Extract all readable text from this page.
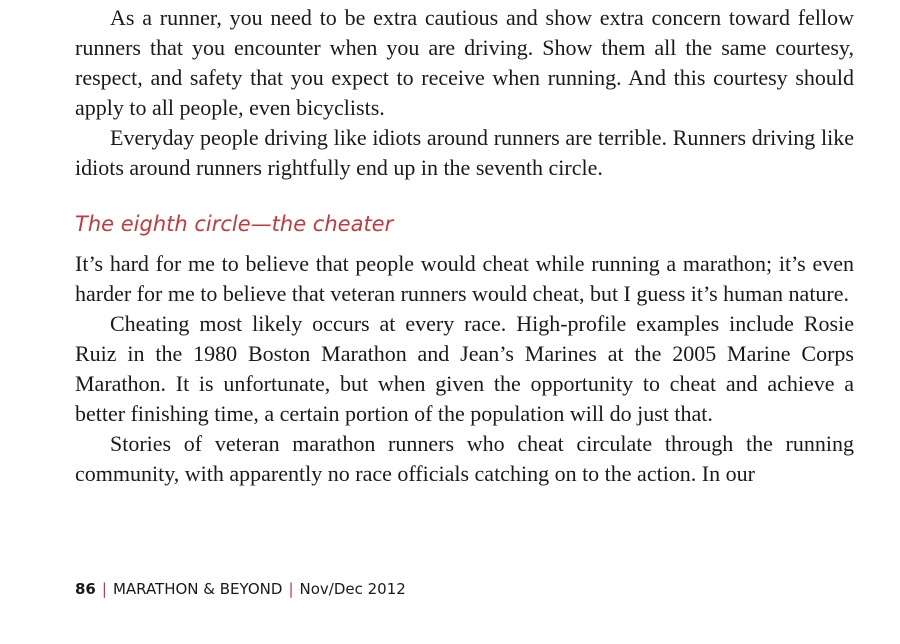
As a runner, you need to be extra cautious and show extra concern toward fellow runners that you encounter when you are driving. Show them all the same courtesy, respect, and safety that you expect to receive when running. And this courtesy should apply to all people, even bicyclists.

Everyday people driving like idiots around runners are terrible. Runners driving like idiots around runners rightfully end up in the seventh circle.

The eighth circle—the cheater

It’s hard for me to believe that people would cheat while running a marathon; it’s even harder for me to believe that veteran runners would cheat, but I guess it’s human nature.

Cheating most likely occurs at every race. High-profile examples include Rosie Ruiz in the 1980 Boston Marathon and Jean’s Marines at the 2005 Marine Corps Marathon. It is unfortunate, but when given the opportunity to cheat and achieve a better finishing time, a certain portion of the population will do just that.

Stories of veteran marathon runners who cheat circulate through the running community, with apparently no race officials catching on to the action. In our

86 | MARATHON & BEYOND | Nov/Dec 2012
